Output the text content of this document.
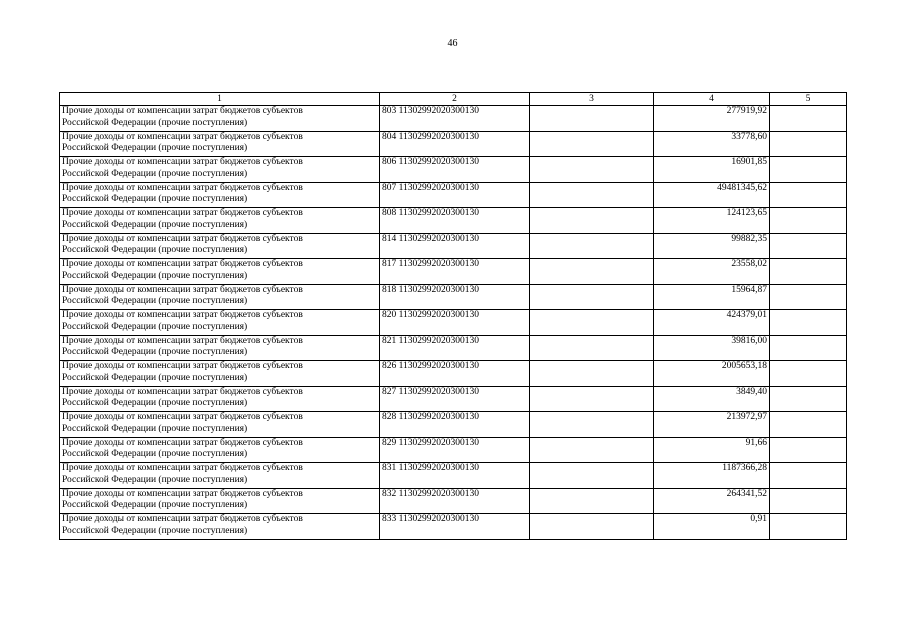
46
1	2	3	4	5

Прочие доходы от компенсации затрат бюджетов субъектов
Российской Федерации (прочие поступления)	803 11302992020300130		277919,92	

Прочие доходы от компенсации затрат бюджетов субъектов
Российской Федерации (прочие поступления)	804 11302992020300130		33778,60	

Прочие доходы от компенсации затрат бюджетов субъектов
Российской Федерации (прочие поступления)	806 11302992020300130		16901,85	

Прочие доходы от компенсации затрат бюджетов субъектов
Российской Федерации (прочие поступления)	807 11302992020300130		49481345,62	

Прочие доходы от компенсации затрат бюджетов субъектов
Российской Федерации (прочие поступления)	808 11302992020300130		124123,65	

Прочие доходы от компенсации затрат бюджетов субъектов
Российской Федерации (прочие поступления)	814 11302992020300130		99882,35	

Прочие доходы от компенсации затрат бюджетов субъектов
Российской Федерации (прочие поступления)	817 11302992020300130		23558,02	

Прочие доходы от компенсации затрат бюджетов субъектов
Российской Федерации (прочие поступления)	818 11302992020300130		15964,87	

Прочие доходы от компенсации затрат бюджетов субъектов
Российской Федерации (прочие поступления)	820 11302992020300130		424379,01	

Прочие доходы от компенсации затрат бюджетов субъектов
Российской Федерации (прочие поступления)	821 11302992020300130		39816,00	

Прочие доходы от компенсации затрат бюджетов субъектов
Российской Федерации (прочие поступления)	826 11302992020300130		2005653,18	

Прочие доходы от компенсации затрат бюджетов субъектов
Российской Федерации (прочие поступления)	827 11302992020300130		3849,40	

Прочие доходы от компенсации затрат бюджетов субъектов
Российской Федерации (прочие поступления)	828 11302992020300130		213972,97	

Прочие доходы от компенсации затрат бюджетов субъектов
Российской Федерации (прочие поступления)	829 11302992020300130		91,66	

Прочие доходы от компенсации затрат бюджетов субъектов
Российской Федерации (прочие поступления)	831 11302992020300130		1187366,28	

Прочие доходы от компенсации затрат бюджетов субъектов
Российской Федерации (прочие поступления)	832 11302992020300130		264341,52	

Прочие доходы от компенсации затрат бюджетов субъектов
Российской Федерации (прочие поступления)	833 11302992020300130		0,91	
